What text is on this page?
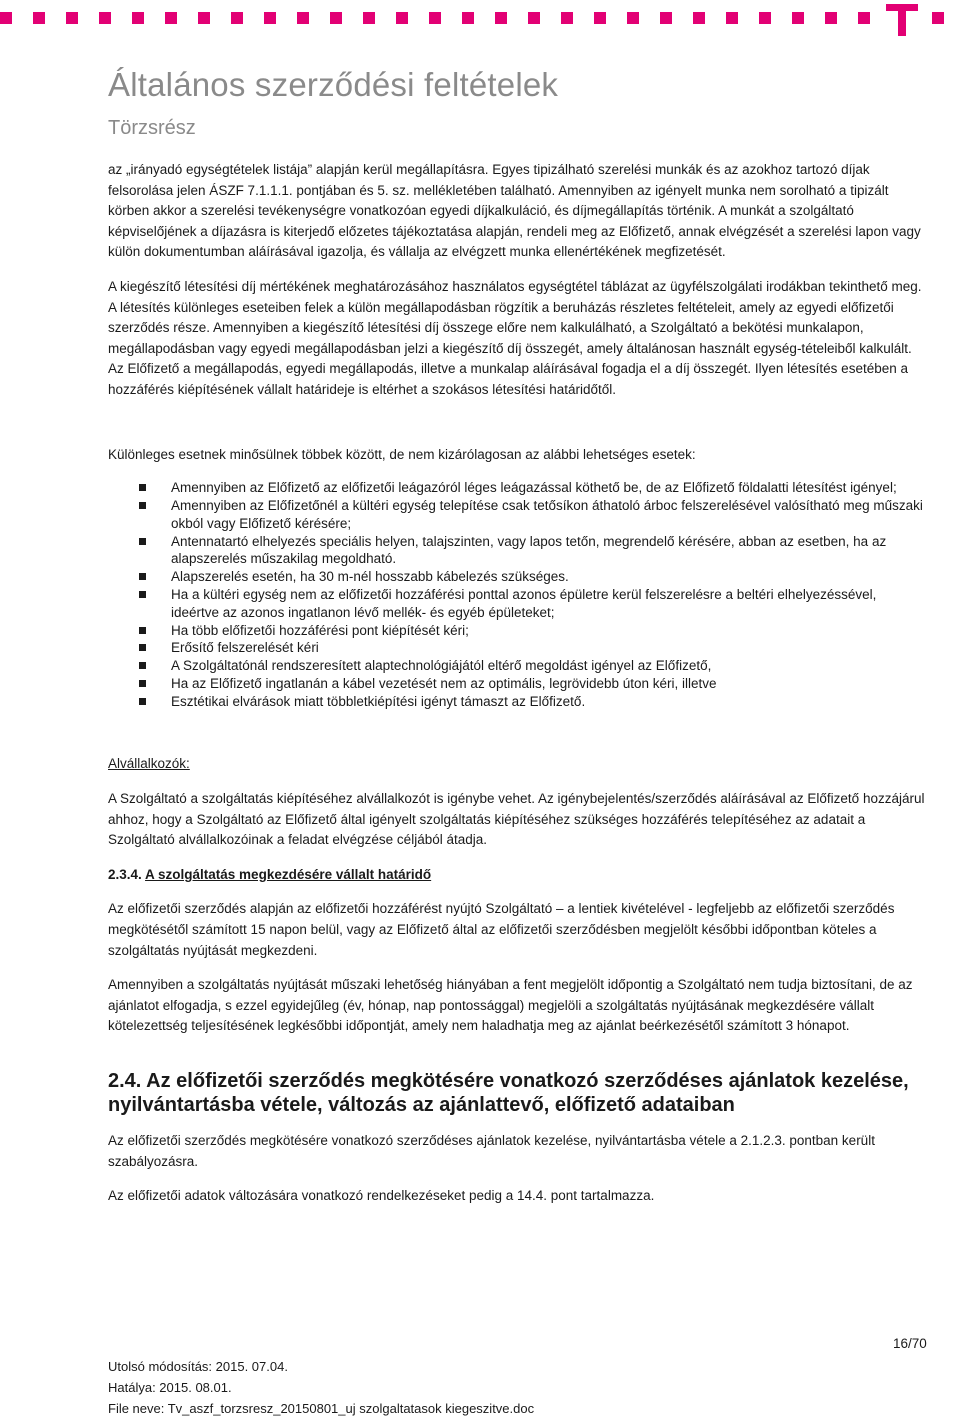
Általános szerződési feltételek
Törzsrész

az „irányadó egységtételek listája” alapján kerül megállapításra. Egyes tipizálható szerelési munkák és az azokhoz tartozó díjak felsorolása jelen ÁSZF 7.1.1.1. pontjában és 5. sz. mellékletében található. Amennyiben az igényelt munka nem sorolható a tipizált körben akkor a szerelési tevékenységre vonatkozóan egyedi díjkalkuláció, és díjmegállapítás történik. A munkát a szolgáltató képviselőjének a díjazásra is kiterjedő előzetes tájékoztatása alapján, rendeli meg az Előfizető, annak elvégzését a szerelési lapon vagy külön dokumentumban aláírásával igazolja, és vállalja az elvégzett munka ellenértékének megfizetését.

A kiegészítő létesítési díj mértékének meghatározásához használatos egységtétel táblázat az ügyfélszolgálati irodákban tekinthető meg. A létesítés különleges eseteiben felek a külön megállapodásban rögzítik a beruházás részletes feltételeit, amely az egyedi előfizetői szerződés része. Amennyiben a kiegészítő létesítési díj összege előre nem kalkulálható, a Szolgáltató a bekötési munkalapon, megállapodásban vagy egyedi megállapodásban jelzi a kiegészítő díj összegét, amely általánosan használt egység-tételeiből kalkulált. Az Előfizető a megállapodás, egyedi megállapodás, illetve a munkalap aláírásával fogadja el a díj összegét. Ilyen létesítés esetében a hozzáférés kiépítésének vállalt határideje is eltérhet a szokásos létesítési határidőtől.

Különleges esetnek minősülnek többek között, de nem kizárólagosan az alábbi lehetséges esetek:

Amennyiben az Előfizető az előfizetői leágazóról léges leágazással köthető be, de az Előfizető földalatti létesítést igényel;
Amennyiben az Előfizetőnél a kültéri egység telepítése csak tetősíkon áthatoló árboc felszerelésével valósítható meg műszaki okból vagy Előfizető kérésére;
Antennatartó elhelyezés speciális helyen, talajszinten, vagy lapos tetőn, megrendelő kérésére, abban az esetben, ha az alapszerelés műszakilag megoldható.
Alapszerelés esetén, ha 30 m-nél hosszabb kábelezés szükséges.
Ha a kültéri egység nem az előfizetői hozzáférési ponttal azonos épületre kerül felszerelésre a beltéri elhelyezéssével, ideértve az azonos ingatlanon lévő mellék- és egyéb épületeket;
Ha több előfizetői hozzáférési pont kiépítését kéri;
Erősítő felszerelését kéri
A Szolgáltatónál rendszeresített alaptechnológiájától eltérő megoldást igényel az Előfizető,
Ha az Előfizető ingatlanán a kábel vezetését nem az optimális, legrövidebb úton kéri, illetve
Esztétikai elvárások miatt többletkiépítési igényt támaszt az Előfizető.

Alvállalkozók:

A Szolgáltató a szolgáltatás kiépítéséhez alvállalkozót is igénybe vehet. Az igénybejelentés/szerződés aláírásával az Előfizető hozzájárul ahhoz, hogy a Szolgáltató az Előfizető által igényelt szolgáltatás kiépítéséhez szükséges hozzáférés telepítéséhez az adatait a Szolgáltató alvállalkozóinak a feladat elvégzése céljából átadja.

2.3.4. A szolgáltatás megkezdésére vállalt határidő

Az előfizetői szerződés alapján az előfizetői hozzáférést nyújtó Szolgáltató – a lentiek kivételével - legfeljebb az előfizetői szerződés megkötésétől számított 15 napon belül, vagy az Előfizető által az előfizetői szerződésben megjelölt későbbi időpontban köteles a szolgáltatás nyújtását megkezdeni.

Amennyiben a szolgáltatás nyújtását műszaki lehetőség hiányában a fent megjelölt időpontig a Szolgáltató nem tudja biztosítani, de az ajánlatot elfogadja, s ezzel egyidejűleg (év, hónap, nap pontossággal) megjelöli a szolgáltatás nyújtásának megkezdésére vállalt kötelezettség teljesítésének legkésőbbi időpontját, amely nem haladhatja meg az ajánlat beérkezésétől számított 3 hónapot.

2.4. Az előfizetői szerződés megkötésére vonatkozó szerződéses ajánlatok kezelése, nyilvántartásba vétele, változás az ajánlattevő, előfizető adataiban

Az előfizetői szerződés megkötésére vonatkozó szerződéses ajánlatok kezelése, nyilvántartásba vétele a 2.1.2.3. pontban került szabályozásra.

Az előfizetői adatok változására vonatkozó rendelkezéseket pedig a 14.4. pont tartalmazza.

16/70
Utolsó módosítás: 2015. 07.04.
Hatálya: 2015. 08.01.
File neve: Tv_aszf_torzsresz_20150801_uj szolgaltatasok kiegeszitve.doc
